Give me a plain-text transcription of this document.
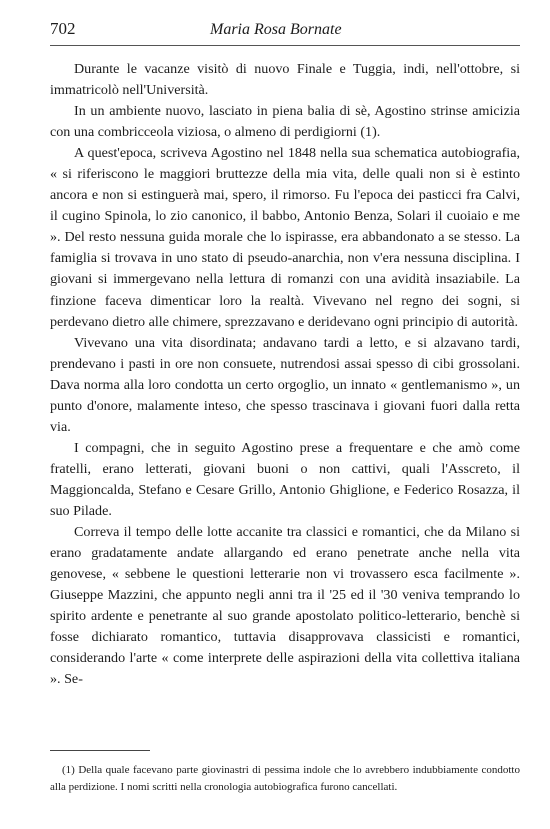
702	Maria Rosa Bornate

Durante le vacanze visitò di nuovo Finale e Tuggia, indi, nell'ottobre, si immatricolò nell'Università.

In un ambiente nuovo, lasciato in piena balia di sè, Agostino strinse amicizia con una combricceola viziosa, o almeno di perdigiorni (1).

A quest'epoca, scriveva Agostino nel 1848 nella sua schematica autobiografia, « si riferiscono le maggiori bruttezze della mia vita, delle quali non si è estinto ancora e non si estinguerà mai, spero, il rimorso. Fu l'epoca dei pasticci fra Calvi, il cugino Spinola, lo zio canonico, il babbo, Antonio Benza, Solari il cuoiaio e me ». Del resto nessuna guida morale che lo ispirasse, era abbandonato a se stesso. La famiglia si trovava in uno stato di pseudo-anarchia, non v'era nessuna disciplina. I giovani si immergevano nella lettura di romanzi con una avidità insaziabile. La finzione faceva dimenticar loro la realtà. Vivevano nel regno dei sogni, si perdevano dietro alle chimere, sprezzavano e deridevano ogni principio di autorità.

Vivevano una vita disordinata; andavano tardi a letto, e si alzavano tardi, prendevano i pasti in ore non consuete, nutrendosi assai spesso di cibi grossolani. Dava norma alla loro condotta un certo orgoglio, un innato « gentlemanismo », un punto d'onore, malamente inteso, che spesso trascinava i giovani fuori dalla retta via.

I compagni, che in seguito Agostino prese a frequentare e che amò come fratelli, erano letterati, giovani buoni o non cattivi, quali l'Asscreto, il Maggioncalda, Stefano e Cesare Grillo, Antonio Ghiglione, e Federico Rosazza, il suo Pilade.

Correva il tempo delle lotte accanite tra classici e romantici, che da Milano si erano gradatamente andate allargando ed erano penetrate anche nella vita genovese, « sebbene le questioni letterarie non vi trovassero esca facilmente ». Giuseppe Mazzini, che appunto negli anni tra il '25 ed il '30 veniva temprando lo spirito ardente e penetrante al suo grande apostolato politico-letterario, benchè si fosse dichiarato romantico, tuttavia disapprovava classicisti e romantici, considerando l'arte « come interprete delle aspirazioni della vita collettiva italiana ». Se-

(1) Della quale facevano parte giovinastri di pessima indole che lo avrebbero indubbiamente condotto alla perdizione. I nomi scritti nella cronologia autobiografica furono cancellati.
